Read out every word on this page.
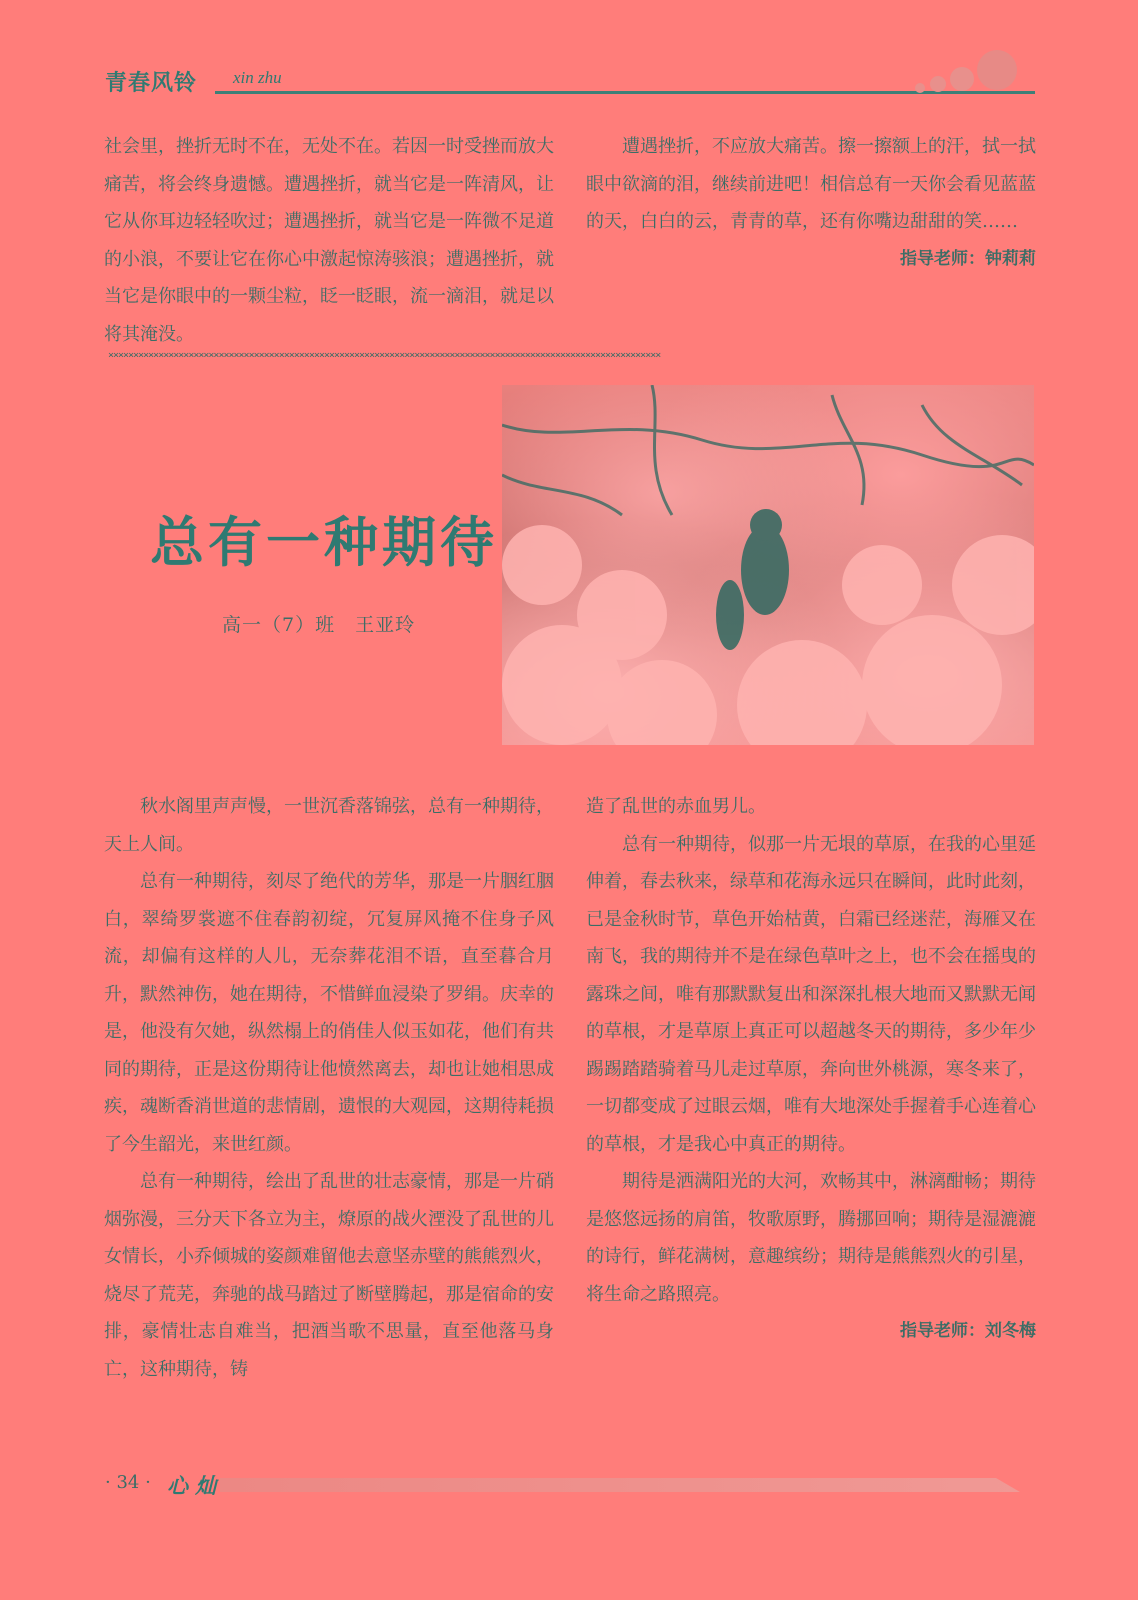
青春风铃 xin zhu

社会里，挫折无时不在，无处不在。若因一时受挫而放大痛苦，将会终身遗憾。遭遇挫折，就当它是一阵清风，让它从你耳边轻轻吹过；遭遇挫折，就当它是一阵微不足道的小浪，不要让它在你心中激起惊涛骇浪；遭遇挫折，就当它是你眼中的一颗尘粒，眨一眨眼，流一滴泪，就足以将其淹没。

遭遇挫折，不应放大痛苦。擦一擦额上的汗，拭一拭眼中欲滴的泪，继续前进吧！相信总有一天你会看见蓝蓝的天，白白的云，青青的草，还有你嘴边甜甜的笑……

指导老师：钟莉莉

××××××××××××××××××××××××××××××××××××××××××××××××××××××××××××××××××××××××××××××××××××××××××××××××××××××××××××××
总有一种期待
高一（7）班　王亚玲

秋水阁里声声慢，一世沉香落锦弦，总有一种期待，天上人间。

总有一种期待，刻尽了绝代的芳华，那是一片胭红胭白，翠绮罗裳遮不住春韵初绽，冗复屏风掩不住身子风流，却偏有这样的人儿，无奈葬花泪不语，直至暮合月升，默然神伤，她在期待，不惜鲜血浸染了罗绢。庆幸的是，他没有欠她，纵然榻上的俏佳人似玉如花，他们有共同的期待，正是这份期待让他愤然离去，却也让她相思成疾，魂断香消世道的悲情剧，遗恨的大观园，这期待耗损了今生韶光，来世红颜。

总有一种期待，绘出了乱世的壮志豪情，那是一片硝烟弥漫，三分天下各立为主，燎原的战火湮没了乱世的儿女情长，小乔倾城的姿颜难留他去意坚赤壁的熊熊烈火，烧尽了荒芜，奔驰的战马踏过了断壁腾起，那是宿命的安排，豪情壮志自难当，把酒当歌不思量，直至他落马身亡，这种期待，铸

造了乱世的赤血男儿。

总有一种期待，似那一片无垠的草原，在我的心里延伸着，春去秋来，绿草和花海永远只在瞬间，此时此刻，已是金秋时节，草色开始枯黄，白霜已经迷茫，海雁又在南飞，我的期待并不是在绿色草叶之上，也不会在摇曳的露珠之间，唯有那默默复出和深深扎根大地而又默默无闻的草根，才是草原上真正可以超越冬天的期待，多少年少踢踢踏踏骑着马儿走过草原，奔向世外桃源，寒冬来了，一切都变成了过眼云烟，唯有大地深处手握着手心连着心的草根，才是我心中真正的期待。

期待是洒满阳光的大河，欢畅其中，淋漓酣畅；期待是悠悠远扬的肩笛，牧歌原野，腾挪回响；期待是湿漉漉的诗行，鲜花满树，意趣缤纷；期待是熊熊烈火的引星，将生命之路照亮。

指导老师：刘冬梅

· 34 · 心 灿
